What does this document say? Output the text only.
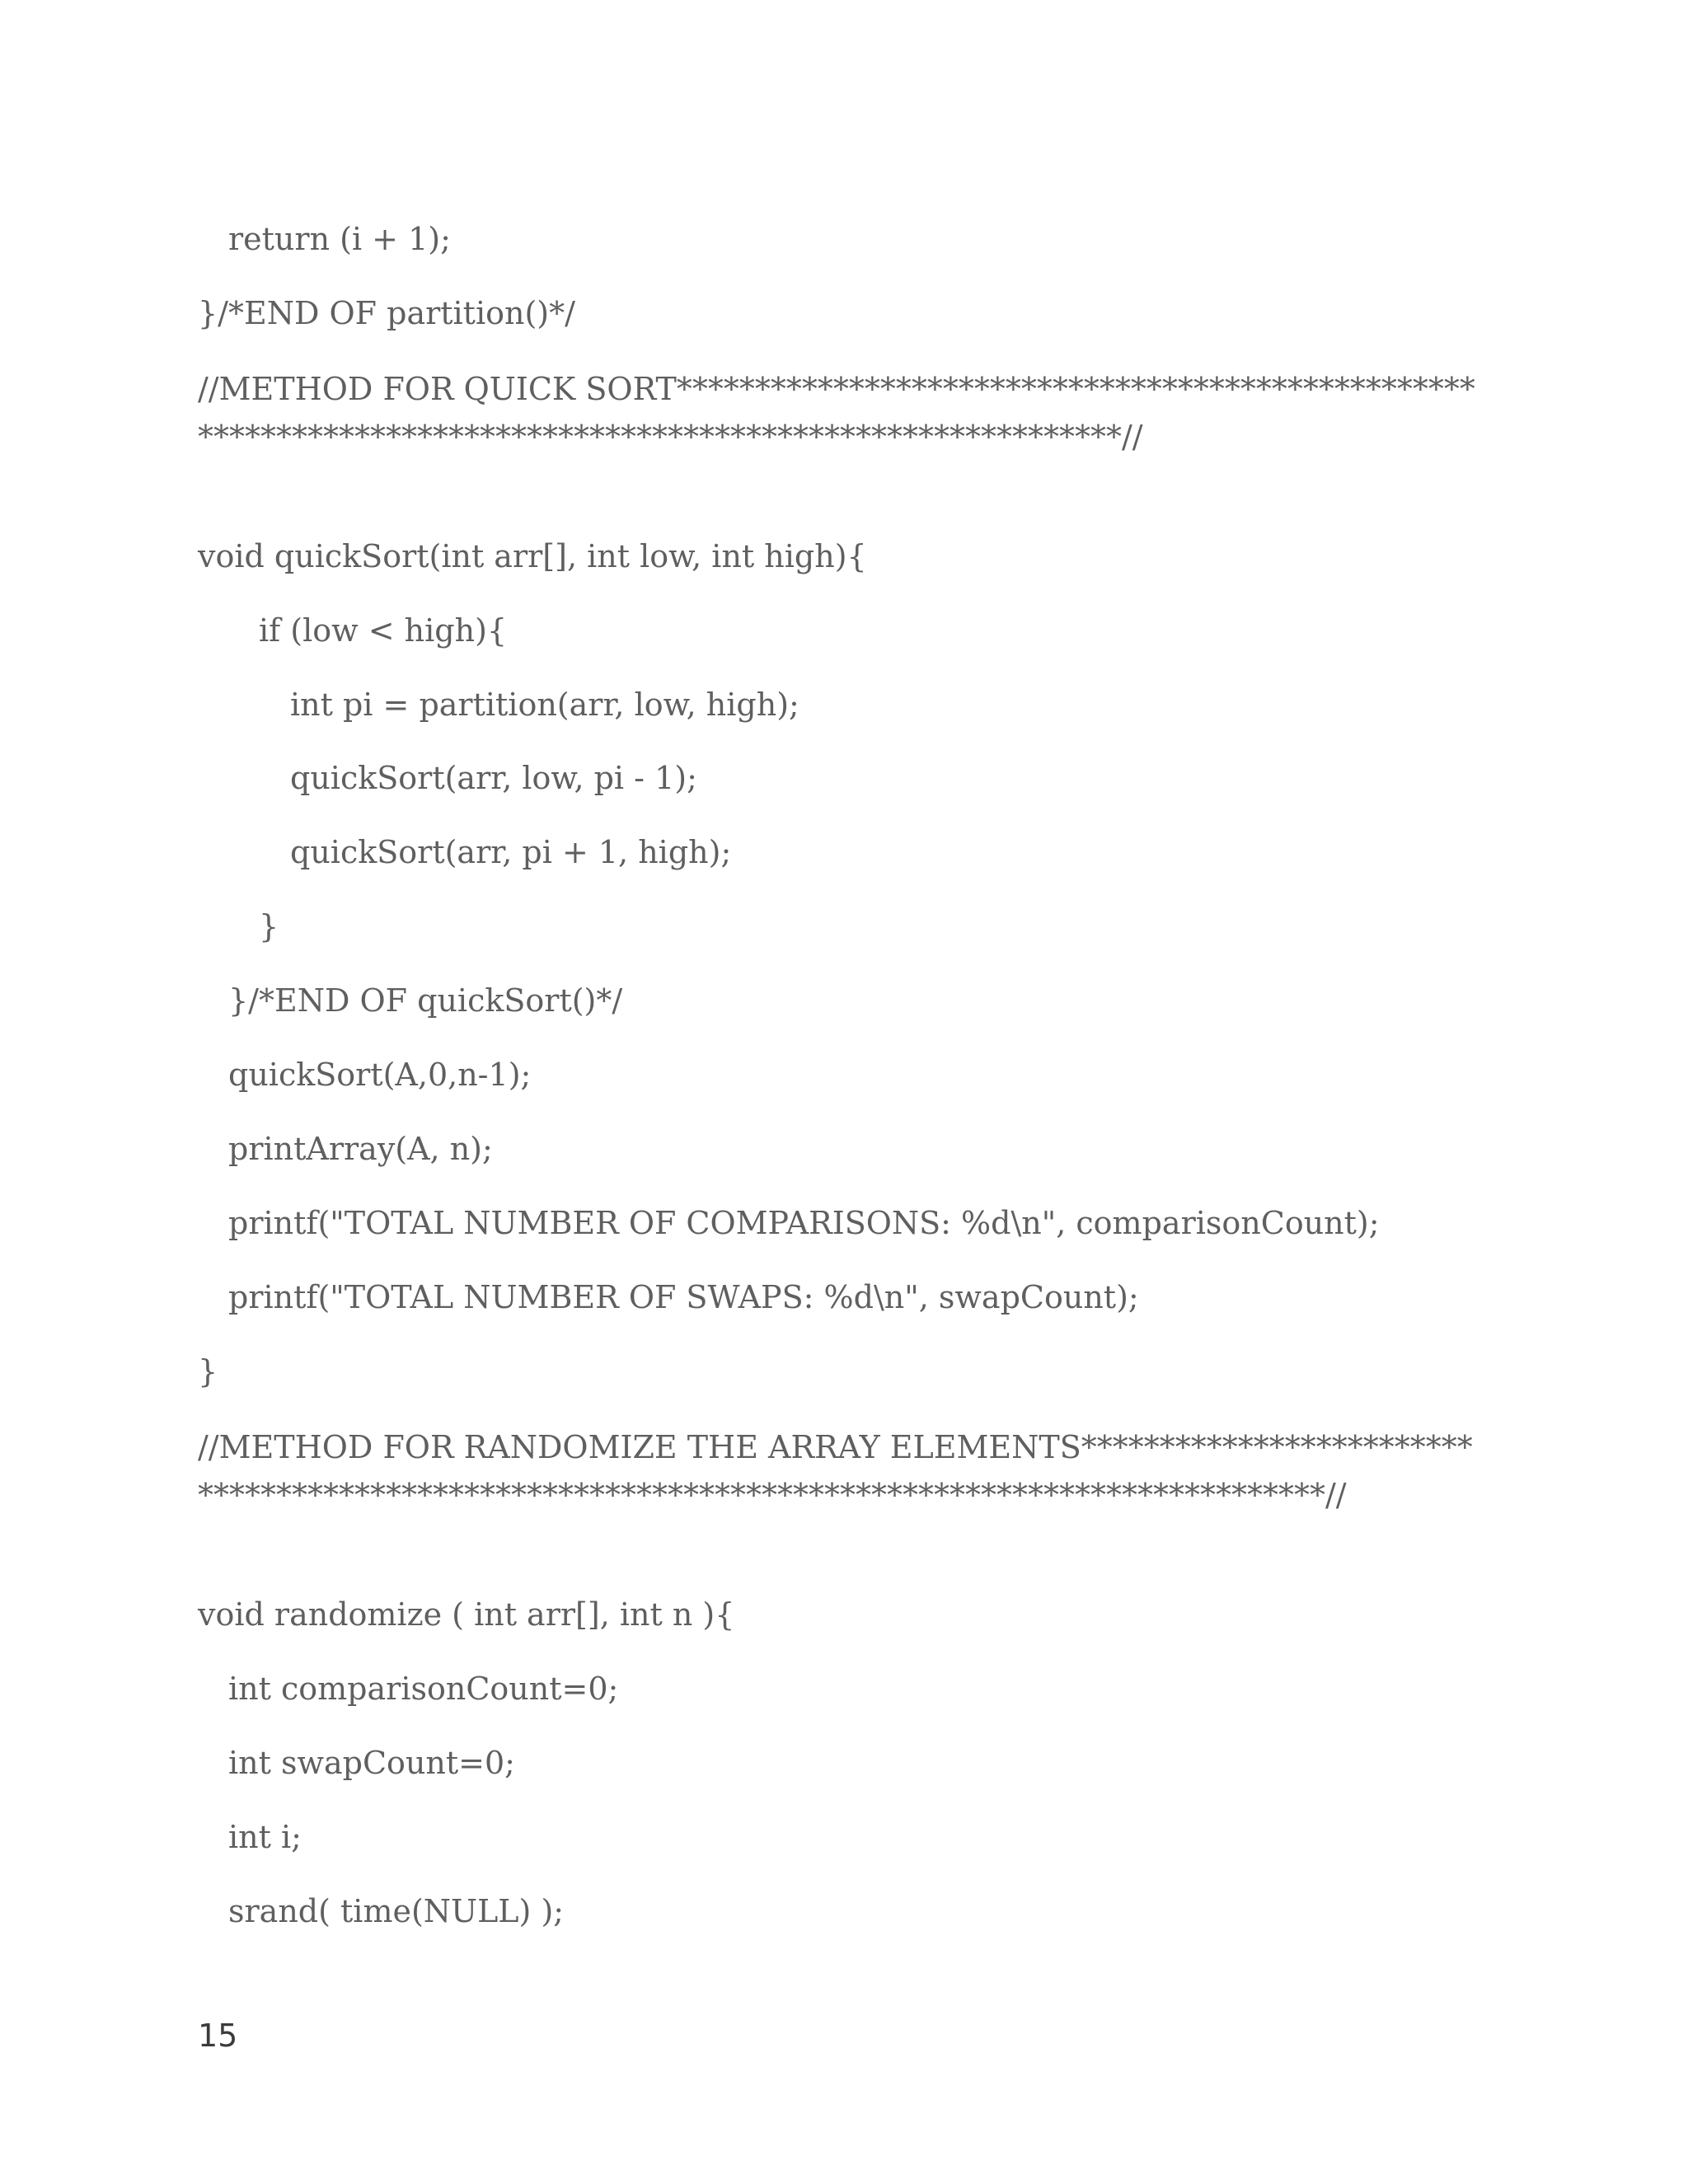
return (i + 1);

}/*END OF partition()*/

//METHOD FOR QUICK SORT**************************************************************************************************************//

void quickSort(int arr[], int low, int high){

if (low < high){

int pi = partition(arr, low, high);

quickSort(arr, low, pi - 1);

quickSort(arr, pi + 1, high);

}

}/*END OF quickSort()*/

quickSort(A,0,n-1);

printArray(A, n);

printf("TOTAL NUMBER OF COMPARISONS: %d\n", comparisonCount);

printf("TOTAL NUMBER OF SWAPS: %d\n", swapCount);

}

//METHOD FOR RANDOMIZE THE ARRAY ELEMENTS*************************************************************************************************//

void randomize ( int arr[], int n ){

int comparisonCount=0;

int swapCount=0;

int i;

srand( time(NULL) );

15
